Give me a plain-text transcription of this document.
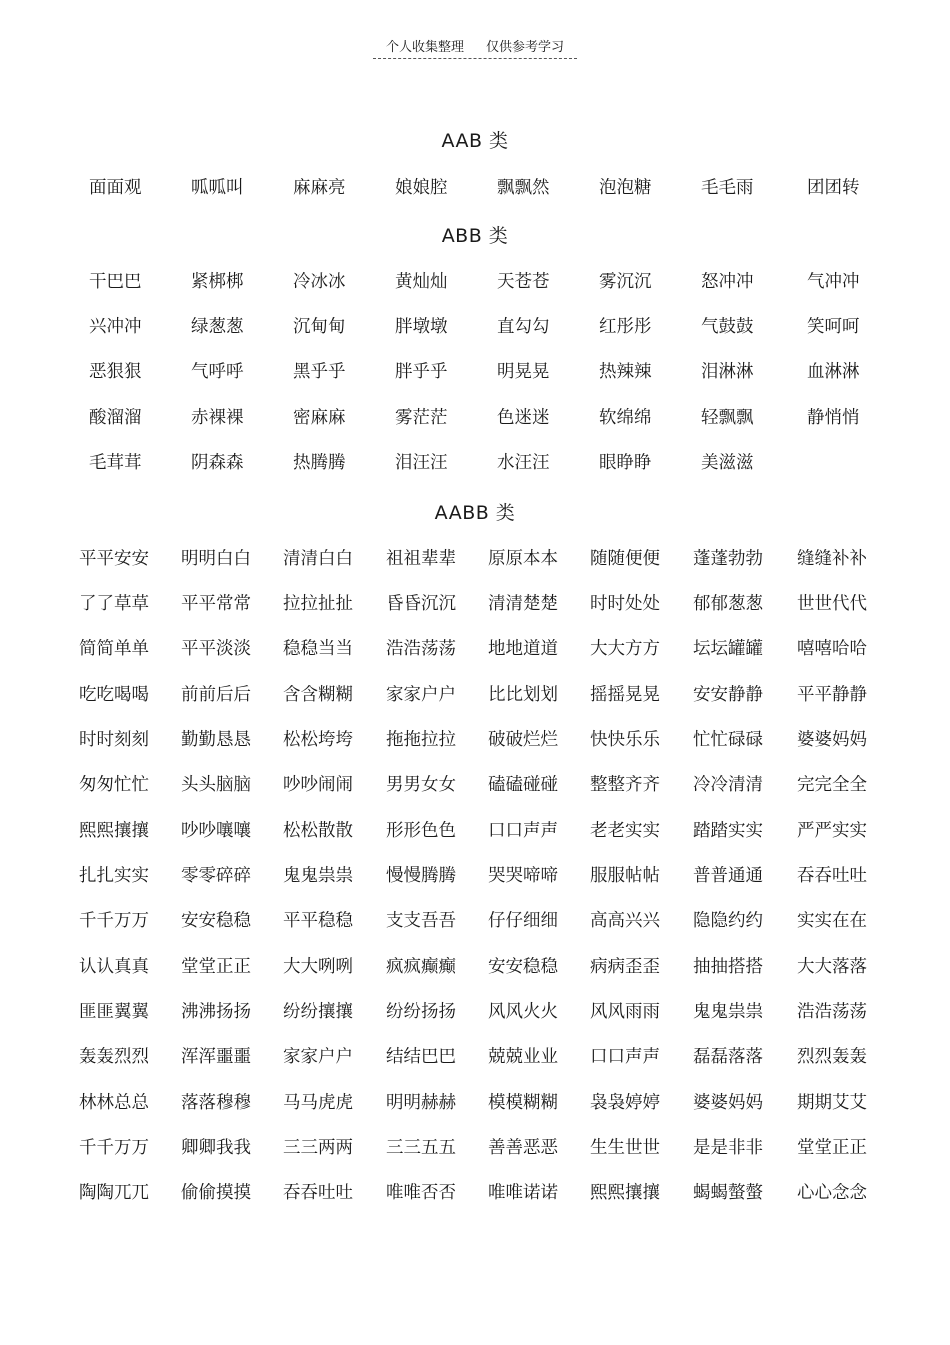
个人收集整理 仅供参考学习
AAB 类
面面观	呱呱叫	麻麻亮	娘娘腔	飘飘然	泡泡糖	毛毛雨	团团转
ABB 类
干巴巴	紧梆梆	冷冰冰	黄灿灿	天苍苍	雾沉沉	怒冲冲	气冲冲
兴冲冲	绿葱葱	沉甸甸	胖墩墩	直勾勾	红彤彤	气鼓鼓	笑呵呵
恶狠狠	气呼呼	黑乎乎	胖乎乎	明晃晃	热辣辣	泪淋淋	血淋淋
酸溜溜	赤裸裸	密麻麻	雾茫茫	色迷迷	软绵绵	轻飘飘	静悄悄
毛茸茸	阴森森	热腾腾	泪汪汪	水汪汪	眼睁睁	美滋滋
AABB 类
平平安安 明明白白 清清白白 祖祖辈辈 原原本本 随随便便 蓬蓬勃勃 缝缝补补
了了草草 平平常常 拉拉扯扯 昏昏沉沉 清清楚楚 时时处处 郁郁葱葱 世世代代
简简单单 平平淡淡 稳稳当当 浩浩荡荡 地地道道 大大方方 坛坛罐罐 嘻嘻哈哈
吃吃喝喝 前前后后 含含糊糊 家家户户 比比划划 摇摇晃晃 安安静静 平平静静
时时刻刻 勤勤恳恳 松松垮垮 拖拖拉拉 破破烂烂 快快乐乐 忙忙碌碌 婆婆妈妈
匆匆忙忙 头头脑脑 吵吵闹闹 男男女女 磕磕碰碰 整整齐齐 冷冷清清 完完全全
熙熙攘攘 吵吵嚷嚷 松松散散 形形色色 口口声声 老老实实 踏踏实实 严严实实
扎扎实实 零零碎碎 鬼鬼祟祟 慢慢腾腾 哭哭啼啼 服服帖帖 普普通通 吞吞吐吐
千千万万 安安稳稳 平平稳稳 支支吾吾 仔仔细细 高高兴兴 隐隐约约 实实在在
认认真真 堂堂正正 大大咧咧 疯疯癫癫 安安稳稳 病病歪歪 抽抽搭搭 大大落落
匪匪翼翼 沸沸扬扬 纷纷攘攘 纷纷扬扬 风风火火 风风雨雨 鬼鬼祟祟 浩浩荡荡
轰轰烈烈 浑浑噩噩 家家户户 结结巴巴 兢兢业业 口口声声 磊磊落落 烈烈轰轰
林林总总 落落穆穆 马马虎虎 明明赫赫 模模糊糊 袅袅婷婷 婆婆妈妈 期期艾艾
千千万万 卿卿我我 三三两两 三三五五 善善恶恶 生生世世 是是非非 堂堂正正
陶陶兀兀 偷偷摸摸 吞吞吐吐 唯唯否否 唯唯诺诺 熙熙攘攘 蝎蝎螫螫 心心念念
